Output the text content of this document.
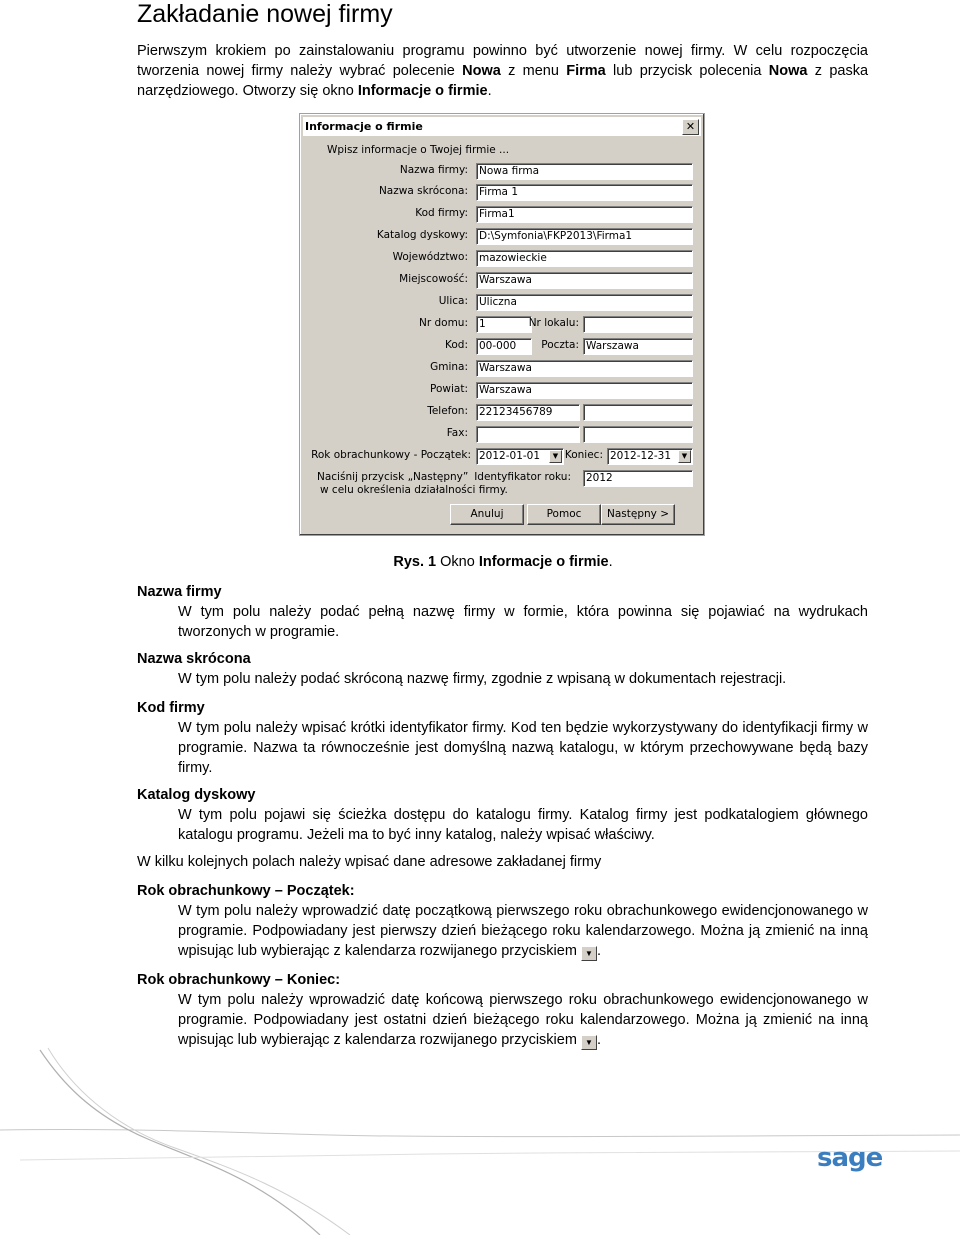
Zakładanie nowej firmy

Pierwszym krokiem po zainstalowaniu programu powinno być utworzenie nowej firmy. W celu rozpoczęcia tworzenia nowej firmy należy wybrać polecenie Nowa z menu Firma lub przycisk polecenia Nowa z paska narzędziowego. Otworzy się okno Informacje o firmie.

Informacje o firmie	✕
Wpisz informacje o Twojej firmie ...
Nazwa firmy: Nowa firma
Nazwa skrócona: Firma 1
Kod firmy: Firma1
Katalog dyskowy: D:\Symfonia\FKP2013\Firma1
Województwo: mazowieckie
Miejscowość: Warszawa
Ulica: Uliczna
Nr domu: 1	Nr lokalu:
Kod: 00-000	Poczta: Warszawa
Gmina: Warszawa
Powiat: Warszawa
Telefon: 22123456789
Fax:
Rok obrachunkowy - Początek: 2012-01-01	▼ Koniec: 2012-12-31	▼
Naciśnij przycisk „Następny”
w celu określenia działalności firmy.
Identyfikator roku: 2012
Anuluj	Pomoc	Następny >
Rys. 1 Okno Informacje o firmie.
Nazwa firmy
W tym polu należy podać pełną nazwę firmy w formie, która powinna się pojawiać na wydrukach tworzonych w programie.
Nazwa skrócona
W tym polu należy podać skróconą nazwę firmy, zgodnie z wpisaną w dokumentach rejestracji.
Kod firmy
W tym polu należy wpisać krótki identyfikator firmy. Kod ten będzie wykorzystywany do identyfikacji firmy w programie. Nazwa ta równocześnie jest domyślną nazwą katalogu, w którym przechowywane będą bazy firmy.
Katalog dyskowy
W tym polu pojawi się ścieżka dostępu do katalogu firmy. Katalog firmy jest podkatalogiem głównego katalogu programu. Jeżeli ma to być inny katalog, należy wpisać właściwy.
W kilku kolejnych polach należy wpisać dane adresowe zakładanej firmy
Rok obrachunkowy – Początek:
W tym polu należy wprowadzić datę początkową pierwszego roku obrachunkowego ewidencjonowanego w programie. Podpowiadany jest pierwszy dzień bieżącego roku kalendarzowego. Można ją zmienić na inną wpisując lub wybierając z kalendarza rozwijanego przyciskiem ▼ .
Rok obrachunkowy – Koniec:
W tym polu należy wprowadzić datę końcową pierwszego roku obrachunkowego ewidencjonowanego w programie. Podpowiadany jest ostatni dzień bieżącego roku kalendarzowego. Można ją zmienić na inną wpisując lub wybierając z kalendarza rozwijanego przyciskiem ▼ .
sage
